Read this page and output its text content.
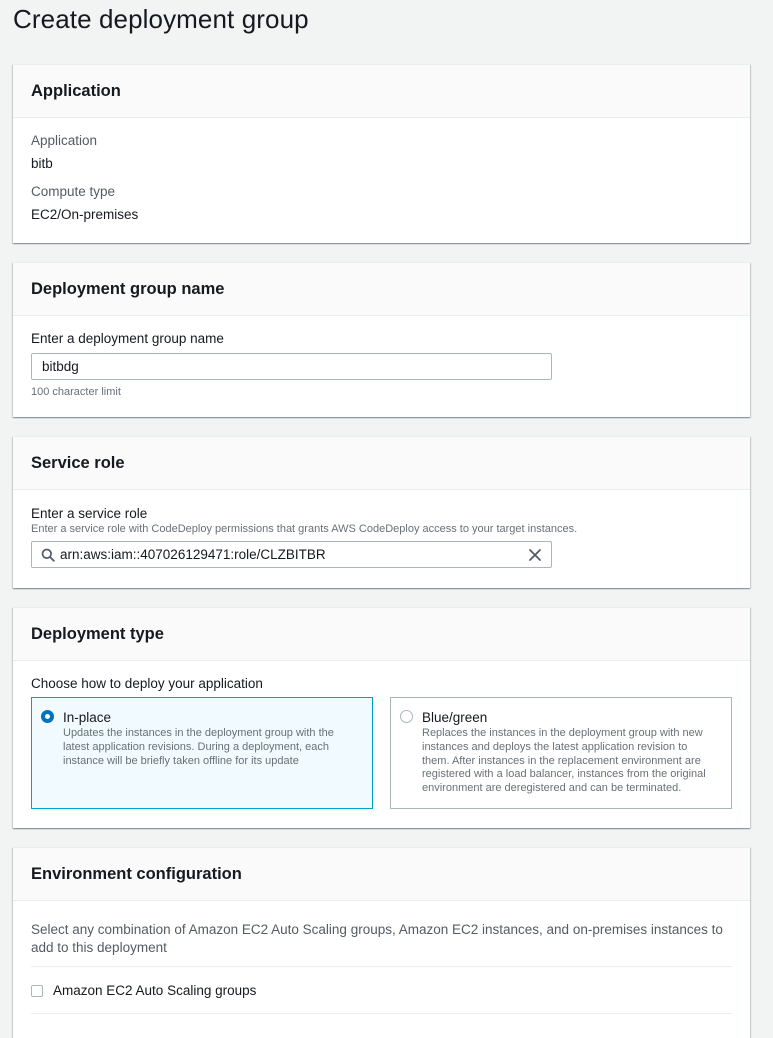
Create deployment group
Application
Application
bitb
Compute type
EC2/On-premises
Deployment group name
Enter a deployment group name
bitbdg
100 character limit
Service role
Enter a service role
Enter a service role with CodeDeploy permissions that grants AWS CodeDeploy access to your target instances.
arn:aws:iam::407026129471:role/CLZBITBR
Deployment type
Choose how to deploy your application
In-place
Updates the instances in the deployment group with the latest application revisions. During a deployment, each instance will be briefly taken offline for its update
Blue/green
Replaces the instances in the deployment group with new instances and deploys the latest application revision to them. After instances in the replacement environment are registered with a load balancer, instances from the original environment are deregistered and can be terminated.
Environment configuration
Select any combination of Amazon EC2 Auto Scaling groups, Amazon EC2 instances, and on-premises instances to add to this deployment
Amazon EC2 Auto Scaling groups
